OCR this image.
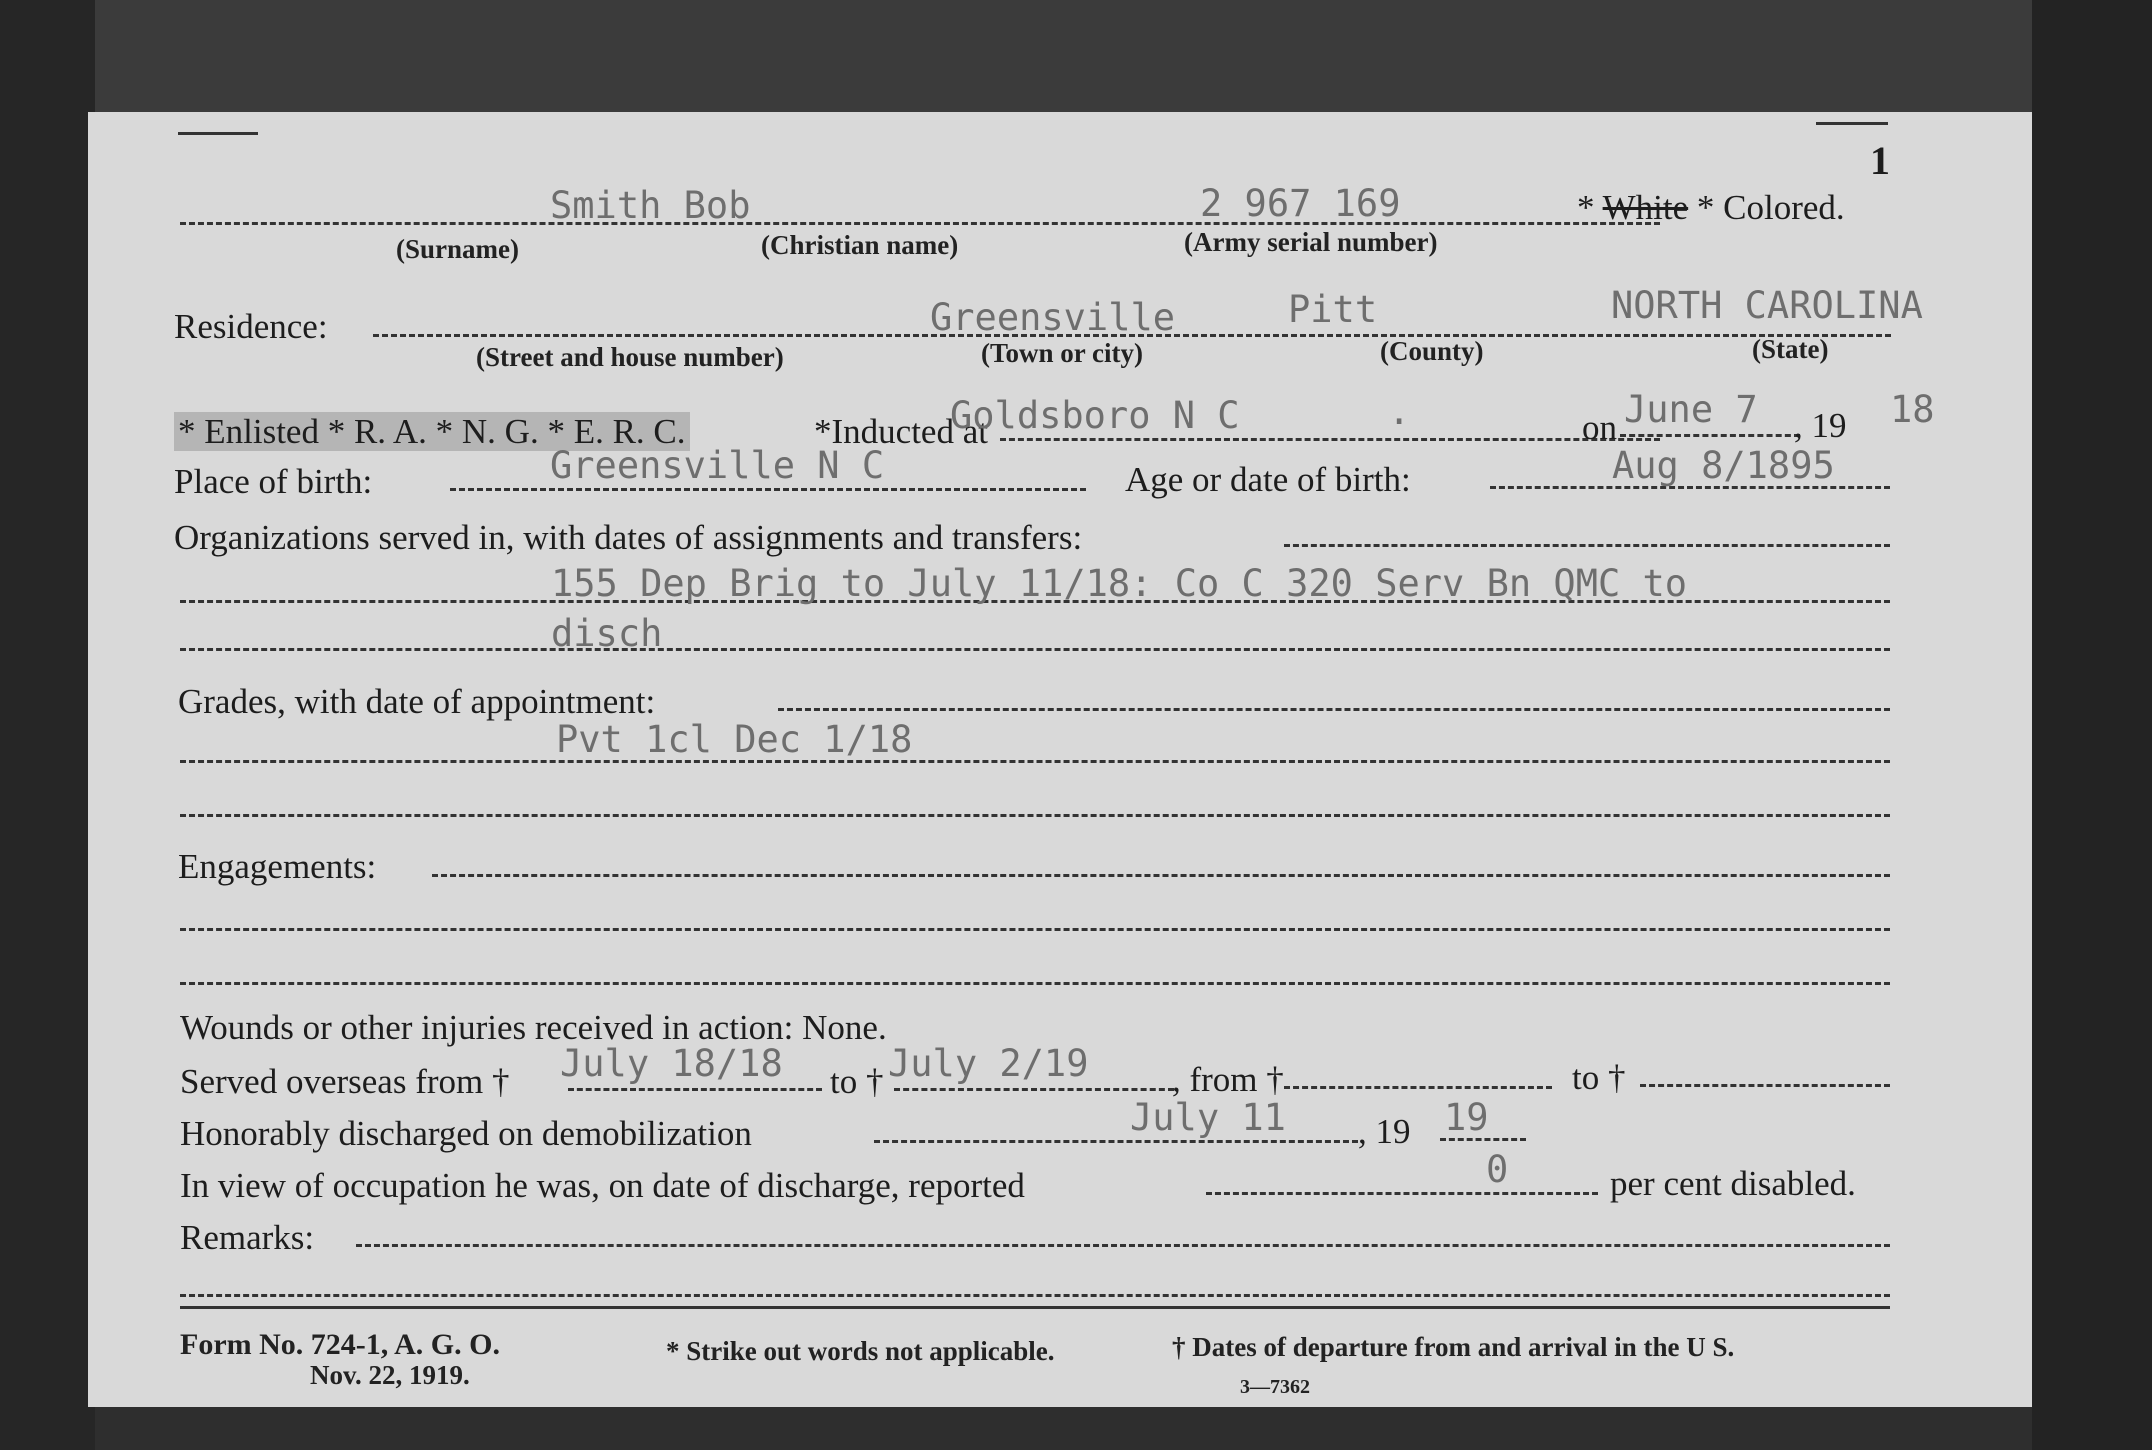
1
Smith Bob	2 967 169	* White * Colored.
(Surname)	(Christian name)	(Army serial number)
Residence:	Greensville	Pitt	NORTH CAROLINA
(Street and house number)	(Town or city)	(County)	(State)
* Enlisted * R. A. * N. G. * E. R. C.	*Inducted at
Goldsboro N C	.	on June 7 , 19 18
Place of birth:	Greensville N C	Age or date of birth:	Aug 8/1895
Organizations served in, with dates of assignments and transfers:
155 Dep Brig to July 11/18: Co C 320 Serv Bn QMC to
disch
Grades, with date of appointment:
Pvt 1cl Dec 1/18
Engagements:
Wounds or other injuries received in action: None.
Served overseas from † July 18/18 to † July 2/19 , from †	to †
Honorably discharged on demobilization	July 11 , 19 19
In view of occupation he was, on date of discharge, reported	0	per cent disabled.
Remarks:
Form No. 724-1, A. G. O.
Nov. 22, 1919.
* Strike out words not applicable.	† Dates of departure from and arrival in the U S.
3—7362
